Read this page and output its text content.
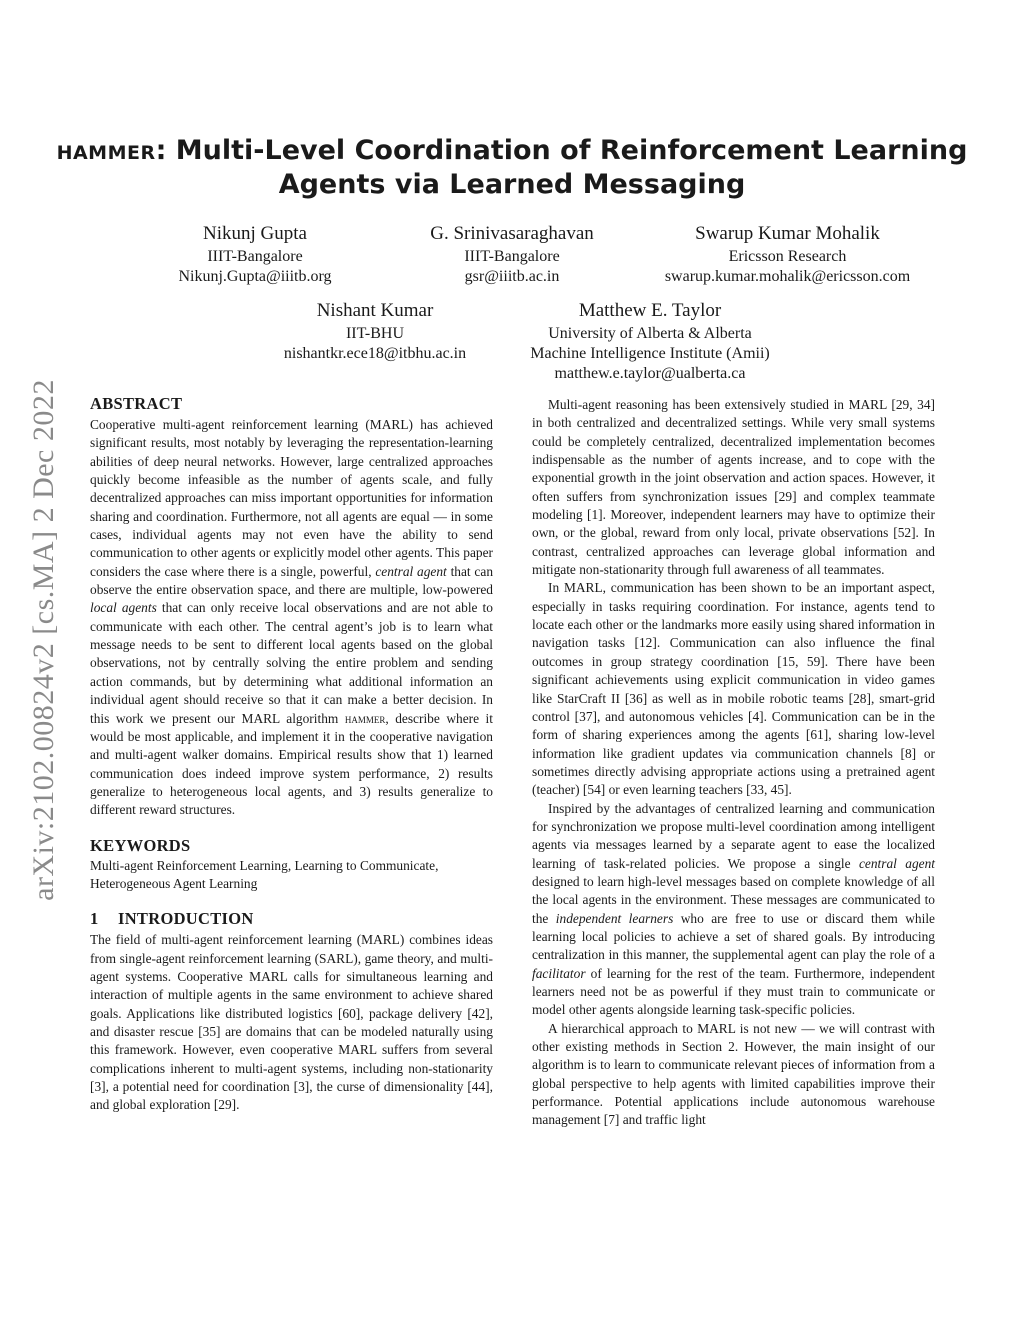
arXiv:2102.00824v2 [cs.MA] 2 Dec 2022
hammer: Multi-Level Coordination of Reinforcement Learning
Agents via Learned Messaging
Nikunj Gupta
IIIT-Bangalore
Nikunj.Gupta@iiitb.org
G. Srinivasaraghavan
IIIT-Bangalore
gsr@iiitb.ac.in
Swarup Kumar Mohalik
Ericsson Research
swarup.kumar.mohalik@ericsson.com
Nishant Kumar
IIT-BHU
nishantkr.ece18@itbhu.ac.in
Matthew E. Taylor
University of Alberta & Alberta
Machine Intelligence Institute (Amii)
matthew.e.taylor@ualberta.ca
ABSTRACT

Cooperative multi-agent reinforcement learning (MARL) has achieved significant results, most notably by leveraging the representation-learning abilities of deep neural networks. However, large centralized approaches quickly become infeasible as the number of agents scale, and fully decentralized approaches can miss important opportunities for information sharing and coordination. Furthermore, not all agents are equal — in some cases, individual agents may not even have the ability to send communication to other agents or explicitly model other agents. This paper considers the case where there is a single, powerful, central agent that can observe the entire observation space, and there are multiple, low-powered local agents that can only receive local observations and are not able to communicate with each other. The central agent’s job is to learn what message needs to be sent to different local agents based on the global observations, not by centrally solving the entire problem and sending action commands, but by determining what additional information an individual agent should receive so that it can make a better decision. In this work we present our MARL algorithm hammer, describe where it would be most applicable, and implement it in the cooperative navigation and multi-agent walker domains. Empirical results show that 1) learned communication does indeed improve system performance, 2) results generalize to heterogeneous local agents, and 3) results generalize to different reward structures.

KEYWORDS

Multi-agent Reinforcement Learning, Learning to Communicate, Heterogeneous Agent Learning

1 INTRODUCTION

The field of multi-agent reinforcement learning (MARL) combines ideas from single-agent reinforcement learning (SARL), game theory, and multi-agent systems. Cooperative MARL calls for simultaneous learning and interaction of multiple agents in the same environment to achieve shared goals. Applications like distributed logistics [60], package delivery [42], and disaster rescue [35] are domains that can be modeled naturally using this framework. However, even cooperative MARL suffers from several complications inherent to multi-agent systems, including non-stationarity [3], a potential need for coordination [3], the curse of dimensionality [44], and global exploration [29].

Multi-agent reasoning has been extensively studied in MARL [29, 34] in both centralized and decentralized settings. While very small systems could be completely centralized, decentralized implementation becomes indispensable as the number of agents increase, and to cope with the exponential growth in the joint observation and action spaces. However, it often suffers from synchronization issues [29] and complex teammate modeling [1]. Moreover, independent learners may have to optimize their own, or the global, reward from only local, private observations [52]. In contrast, centralized approaches can leverage global information and mitigate non-stationarity through full awareness of all teammates.

In MARL, communication has been shown to be an important aspect, especially in tasks requiring coordination. For instance, agents tend to locate each other or the landmarks more easily using shared information in navigation tasks [12]. Communication can also influence the final outcomes in group strategy coordination [15, 59]. There have been significant achievements using explicit communication in video games like StarCraft II [36] as well as in mobile robotic teams [28], smart-grid control [37], and autonomous vehicles [4]. Communication can be in the form of sharing experiences among the agents [61], sharing low-level information like gradient updates via communication channels [8] or sometimes directly advising appropriate actions using a pretrained agent (teacher) [54] or even learning teachers [33, 45].

Inspired by the advantages of centralized learning and communication for synchronization we propose multi-level coordination among intelligent agents via messages learned by a separate agent to ease the localized learning of task-related policies. We propose a single central agent designed to learn high-level messages based on complete knowledge of all the local agents in the environment. These messages are communicated to the independent learners who are free to use or discard them while learning local policies to achieve a set of shared goals. By introducing centralization in this manner, the supplemental agent can play the role of a facilitator of learning for the rest of the team. Furthermore, independent learners need not be as powerful if they must train to communicate or model other agents alongside learning task-specific policies.

A hierarchical approach to MARL is not new — we will contrast with other existing methods in Section 2. However, the main insight of our algorithm is to learn to communicate relevant pieces of information from a global perspective to help agents with limited capabilities improve their performance. Potential applications include autonomous warehouse management [7] and traffic light
